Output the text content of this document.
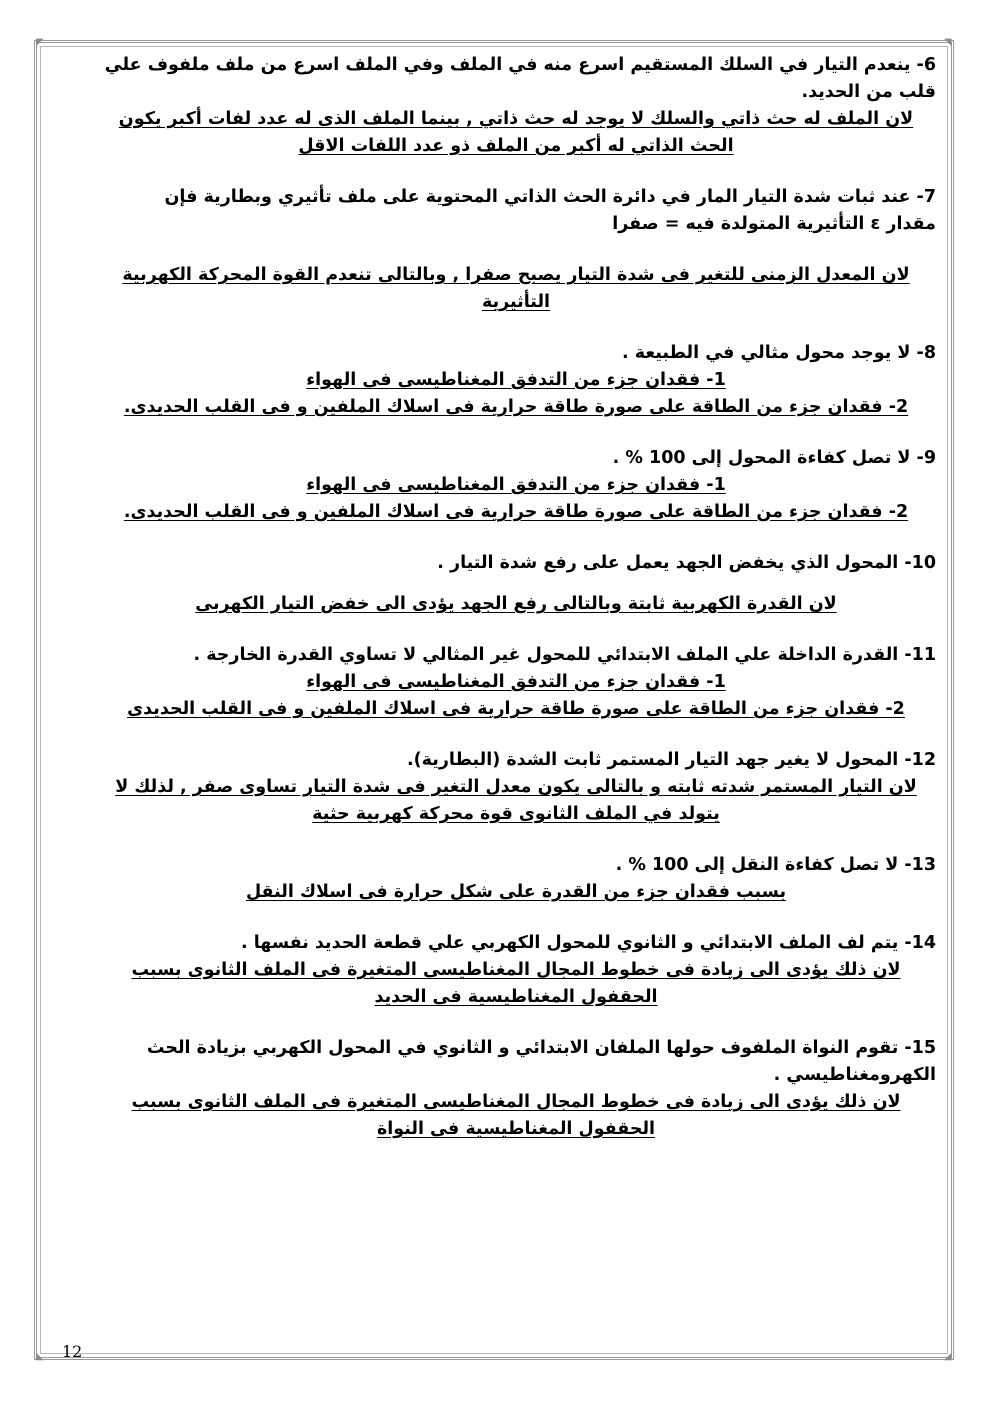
◤	◥
◣	◢
6- ينعدم التيار في السلك المستقيم اسرع منه في الملف وفي الملف اسرع من ملف ملفوف علي
قلب من الحديد.
لان الملف له حث ذاتي والسلك لا يوجد له حث ذاتي , بينما الملف الذى له عدد لفات أكبر يكون
الحث الذاتي له أكبر من الملف ذو عدد اللفات الاقل
7- عند ثبات شدة التيار المار في دائرة الحث الذاتي المحتوية على ملف تأثيري وبطارية فإن
مقدار ε التأثيرية المتولدة فيه = صفرا
لان المعدل الزمنى للتغير فى شدة التيار يصبح صفرا , وبالتالى تنعدم القوة المحركة الكهربية
التأثيرية
8- لا يوجد محول مثالي في الطبيعة .
1- فقدان جزء من التدفق المغناطيسى فى الهواء
2- فقدان جزء من الطاقة على صورة طاقة حرارية فى اسلاك الملفين و فى القلب الحديدى.
9- لا تصل كفاءة المحول إلى 100 % .
1- فقدان جزء من التدفق المغناطيسى فى الهواء
2- فقدان جزء من الطاقة على صورة طاقة حرارية فى اسلاك الملفين و فى القلب الحديدى.
10- المحول الذي يخفض الجهد يعمل على رفع شدة التيار .
لان القدرة الكهربية ثابتة وبالتالى رفع الجهد يؤدى الى خفض التيار الكهربى
11- القدرة الداخلة علي الملف الابتدائي للمحول غير المثالي لا تساوي القدرة الخارجة .
1- فقدان جزء من التدفق المغناطيسى فى الهواء
2- فقدان جزء من الطاقة على صورة طاقة حرارية فى اسلاك الملفين و فى القلب الحديدى
12- المحول لا يغير جهد التيار المستمر ثابت الشدة (البطارية).
لان التيار المستمر شدته ثابته و بالتالى يكون معدل التغير فى شدة التيار تساوى صفر , لذلك لا
يتولد في الملف الثانوى قوة محركة كهربية حثية
13- لا تصل كفاءة النقل إلى 100 % .
بسبب فقدان جزء من القدرة على شكل حرارة فى اسلاك النقل
14- يتم لف الملف الابتدائي و الثانوي للمحول الكهربي علي قطعة الحديد نفسها .
لان ذلك يؤدى الى زيادة فى خطوط المجال المغناطيسى المتغيرة فى الملف الثانوى بسبب
الحقفول المغناطيسية فى الحديد
15- تقوم النواة الملفوف حولها الملفان الابتدائي و الثانوي في المحول الكهربي بزيادة الحث
الكهرومغناطيسي .
لان ذلك يؤدى الى زيادة فى خطوط المجال المغناطيسى المتغيرة فى الملف الثانوى بسبب
الحقفول المغناطيسية فى النواة
12
